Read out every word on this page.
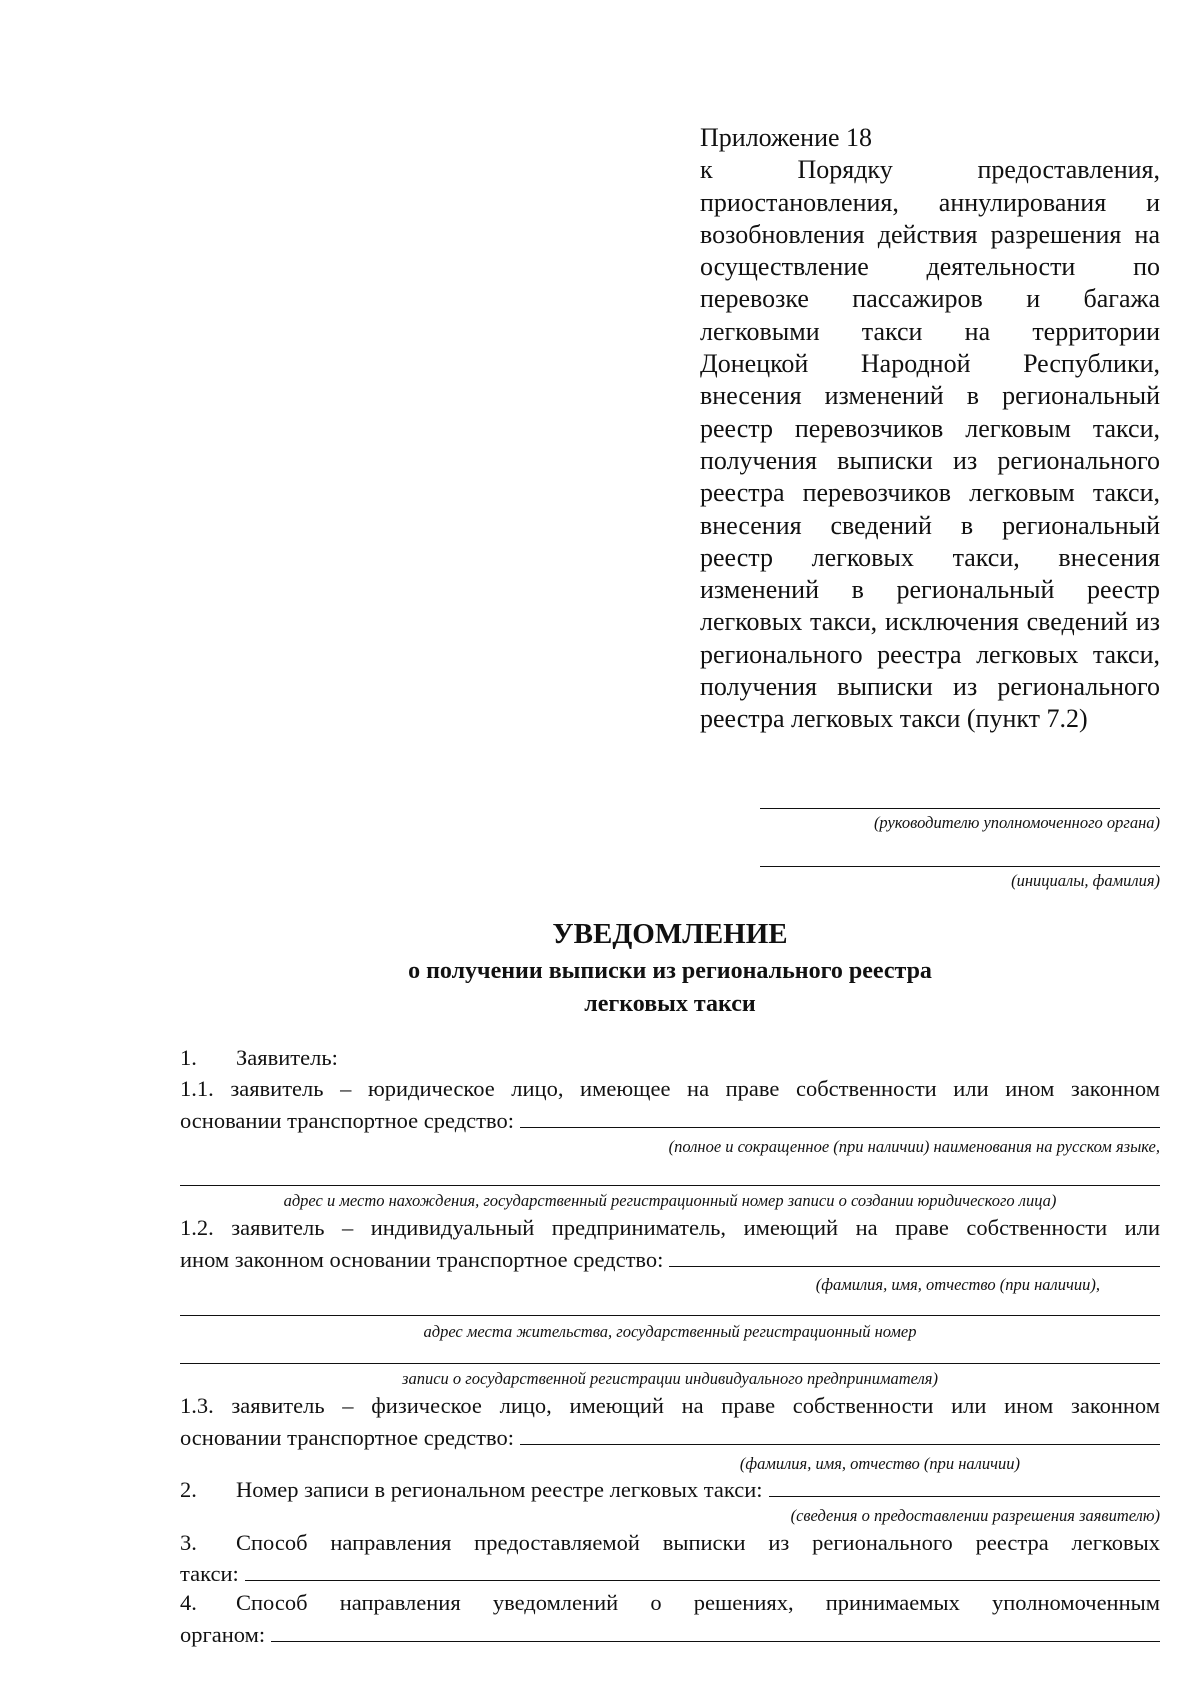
Приложение 18
к Порядку предоставления, приостановления, аннулирования и возобновления действия разрешения на осуществление деятельности по перевозке пассажиров и багажа легковыми такси на территории Донецкой Народной Республики, внесения изменений в региональный реестр перевозчиков легковым такси, получения выписки из регионального реестра перевозчиков легковым такси, внесения сведений в региональный реестр легковых такси, внесения изменений в региональный реестр легковых такси, исключения сведений из регионального реестра легковых такси, получения выписки из регионального реестра легковых такси (пункт 7.2)
(руководителю уполномоченного органа)
(инициалы, фамилия)
УВЕДОМЛЕНИЕ
о получении выписки из регионального реестра
легковых такси
1. Заявитель:
1.1. заявитель – юридическое лицо, имеющее на праве собственности или ином законном
основании транспортное средство:
(полное и сокращенное (при наличии) наименования на русском языке,
адрес и место нахождения, государственный регистрационный номер записи о создании юридического лица)
1.2. заявитель – индивидуальный предприниматель, имеющий на праве собственности или
ином законном основании транспортное средство:
(фамилия, имя, отчество (при наличии),
адрес места жительства, государственный регистрационный номер
записи о государственной регистрации индивидуального предпринимателя)
1.3. заявитель – физическое лицо, имеющий на праве собственности или ином законном
основании транспортное средство:
(фамилия, имя, отчество (при наличии)
2.	Номер записи в региональном реестре легковых такси:
(сведения о предоставлении разрешения заявителю)
3.	Способ направления предоставляемой выписки из регионального реестра легковых
такси:
4.	Способ направления уведомлений о решениях, принимаемых уполномоченным
органом:
